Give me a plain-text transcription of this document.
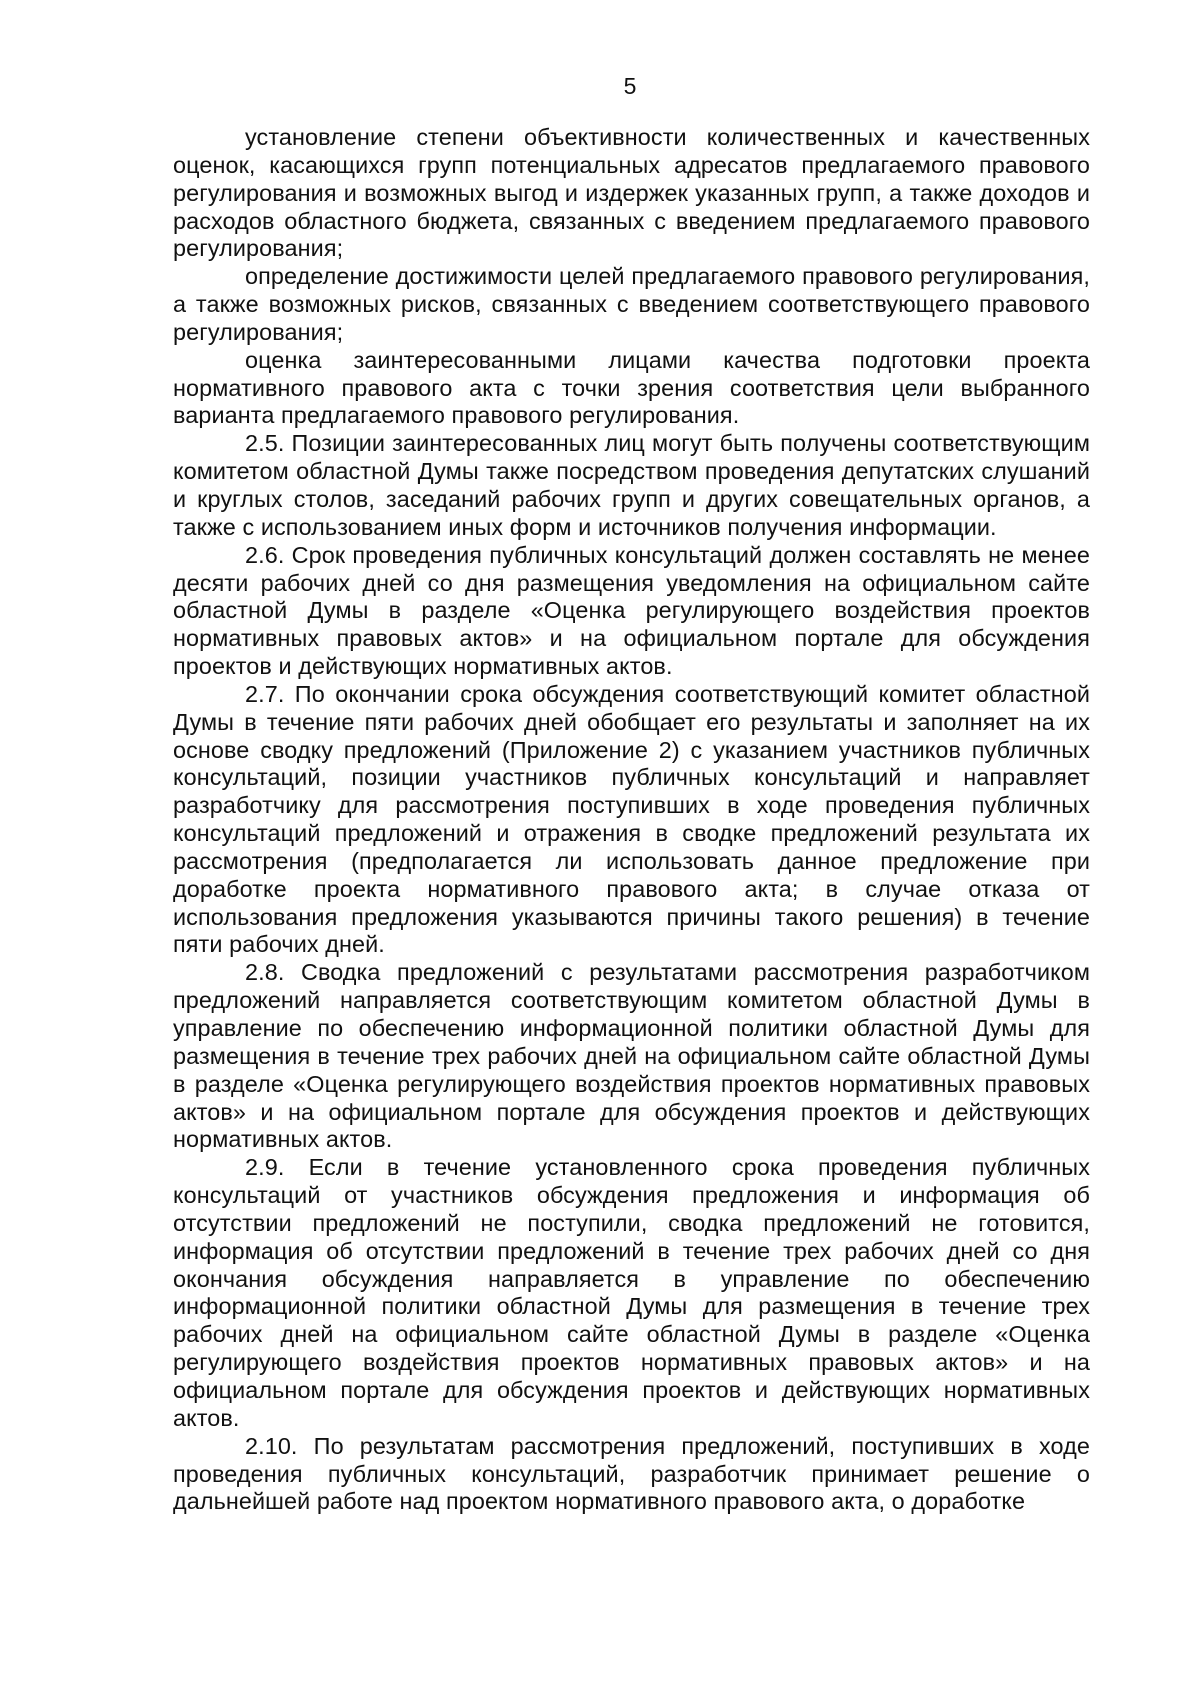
5

установление степени объективности количественных и качественных оценок, касающихся групп потенциальных адресатов предлагаемого правового регулирования и возможных выгод и издержек указанных групп, а также доходов и расходов областного бюджета, связанных с введением предлагаемого правового регулирования;

определение достижимости целей предлагаемого правового регулирования, а также возможных рисков, связанных с введением соответствующего правового регулирования;

оценка заинтересованными лицами качества подготовки проекта нормативного правового акта с точки зрения соответствия цели выбранного варианта предлагаемого правового регулирования.

2.5. Позиции заинтересованных лиц могут быть получены соответствующим комитетом областной Думы также посредством проведения депутатских слушаний и круглых столов, заседаний рабочих групп и других совещательных органов, а также с использованием иных форм и источников получения информации.

2.6. Срок проведения публичных консультаций должен составлять не менее десяти рабочих дней со дня размещения уведомления на официальном сайте областной Думы в разделе «Оценка регулирующего воздействия проектов нормативных правовых актов» и на официальном портале для обсуждения проектов и действующих нормативных актов.

2.7. По окончании срока обсуждения соответствующий комитет областной Думы в течение пяти рабочих дней обобщает его результаты и заполняет на их основе сводку предложений (Приложение 2) с указанием участников публичных консультаций, позиции участников публичных консультаций и направляет разработчику для рассмотрения поступивших в ходе проведения публичных консультаций предложений и отражения в сводке предложений результата их рассмотрения (предполагается ли использовать данное предложение при доработке проекта нормативного правового акта; в случае отказа от использования предложения указываются причины такого решения) в течение пяти рабочих дней.

2.8. Сводка предложений с результатами рассмотрения разработчиком предложений направляется соответствующим комитетом областной Думы в управление по обеспечению информационной политики областной Думы для размещения в течение трех рабочих дней на официальном сайте областной Думы в разделе «Оценка регулирующего воздействия проектов нормативных правовых актов» и на официальном портале для обсуждения проектов и действующих нормативных актов.

2.9. Если в течение установленного срока проведения публичных консультаций от участников обсуждения предложения и информация об отсутствии предложений не поступили, сводка предложений не готовится, информация об отсутствии предложений в течение трех рабочих дней со дня окончания обсуждения направляется в управление по обеспечению информационной политики областной Думы для размещения в течение трех рабочих дней на официальном сайте областной Думы в разделе «Оценка регулирующего воздействия проектов нормативных правовых актов» и на официальном портале для обсуждения проектов и действующих нормативных актов.

2.10. По результатам рассмотрения предложений, поступивших в ходе проведения публичных консультаций, разработчик принимает решение о дальнейшей работе над проектом нормативного правового акта, о доработке
